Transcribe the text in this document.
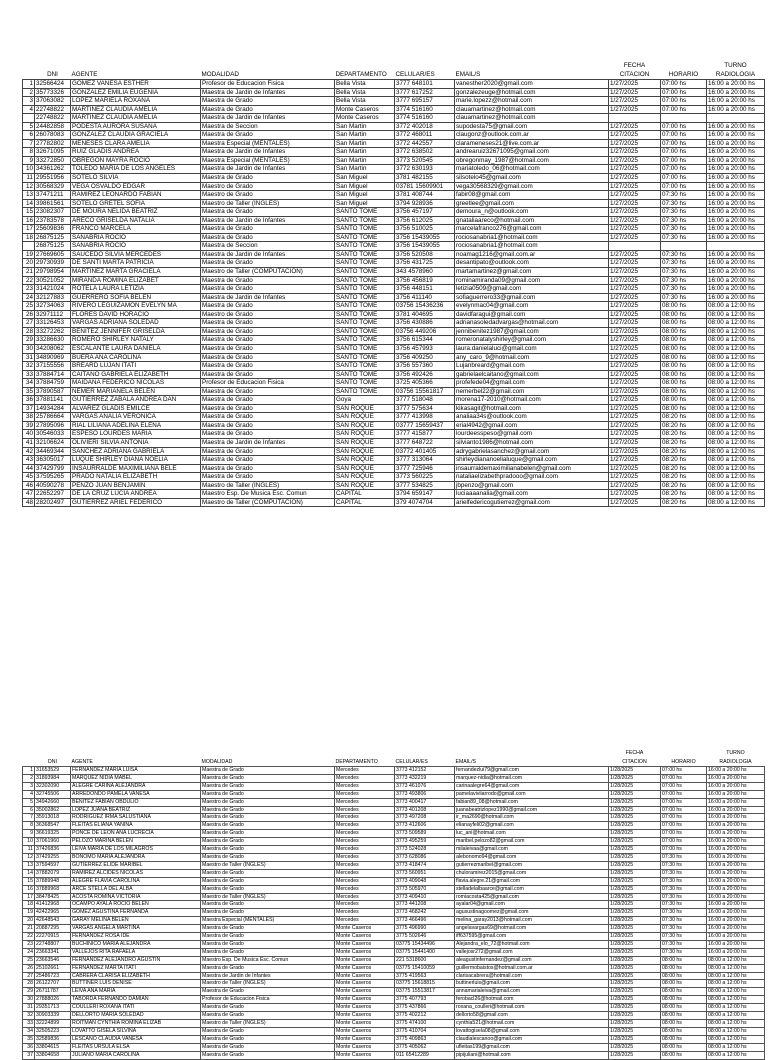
							FECHA		TURNO
	DNI	AGENTE	MODALIDAD	DEPARTAMENTO	CELULAR/ES	EMAIL/S	CITACION	HORARIO	RADIOLOGIA
1	32566424	GOMEZ VANESA ESTHER	Profesor de Educacion Fisica	Bella Vista	3777 648101	vanesther2020@gmail.com	1/27/2025	07:00 hs	16:00 a 20:00 hs
2	35773326	GONZALEZ EMILIA EUGENIA	Maestra de Jardin de Infantes	Bella Vista	3777 617252	gonzalezeuge@hotmail.com	1/27/2025	07:00 hs	16:00 a 20:00 hs
3	37063082	LOPEZ MARIELA ROXANA	Maestra de Grado	Bella Vista	3777 695157	marie.lopezz@hotmail.com	1/27/2025	07:00 hs	16:00 a 20:00 hs
4	22748822	MARTINEZ CLAUDIA AMELIA	Maestra de Grado	Monte Caseros	3774 516160	clauamartinez@hotmail.com	1/27/2025	07:00 hs	16:00 a 20:00 hs
	22748822	MARTINEZ CLAUDIA AMELIA	Maestra de Jardin de Infantes	Monte Caseros	3774 516160	clauamartinez@hotmail.com			
5	24482858	PODESTA AURORA SUSANA	Maestra de Seccion	San Martin	3772 402018	supodesta75@gmail.com	1/27/2025	07:00 hs	16:00 a 20:00 hs
6	26078083	GONZALEZ CLAUDIA GRACIELA	Maestra de Grado	San Martin	3772 468011	claugonz@outlook.com.ar	1/27/2025	07:00 hs	16:00 a 20:00 hs
7	27782802	MENESES CLARA AMELIA	Maestra Especial (MENTALES)	San Martin	3772 442557	clarameneses21@live.com.ar	1/27/2025	07:00 hs	16:00 a 20:00 hs
8	32671095	RUIZ GLADIS ANDREA	Maestra de Jardin de Infantes	San Martin	3772 638502	andrearuiz32671095@gmail.com	1/27/2025	07:00 hs	16:00 a 20:00 hs
9	33272850	OBREGON MAYRA ROCIO	Maestra Especial (MENTALES)	San Martin	3773 520545	obregonmay_1987@hotmail.com	1/27/2025	07:00 hs	16:00 a 20:00 hs
10	34361262	TOLEDO MARIA DE LOS ANGELES	Maestra de Jardin de Infantes	San Martin	3772 630193	mariatoledo_06@hotmail.com	1/27/2025	07:00 hs	16:00 a 20:00 hs
11	29551956	SOTELO SILVIA	Maestra de Grado	San Miguel	3781 482155	silsotelo45@gmail.com	1/27/2025	07:00 hs	16:00 a 20:00 hs
12	30568329	VEGA OSVALDO EDGAR	Maestro de Grado	San Miguel	03781 15609901	vega30568329@gmail.com	1/27/2025	07:00 hs	16:00 a 20:00 hs
13	37471211	RAMIREZ LEONARDO FABIAN	Maestro de Grado	San Miguel	3781 408744	fabir08@gmail.com	1/27/2025	07:30 hs	16:00 a 20:00 hs
14	39861561	SOTELO GRETEL SOFIA	Maestro de Taller (INGLES)	San Miguel	3794 928936	greetlee@gmail.com	1/27/2025	07:30 hs	16:00 a 20:00 hs
15	23082307	DE MOURA NELIDA BEATRIZ	Maestra de Grado	SANTO TOME	3756 457197	demoura_n@outlook.com	1/27/2025	07:30 hs	16:00 a 20:00 hs
16	23783578	ARECO GRISELDA NATALIA	Maestra de Jardin de Infantes	SANTO TOME	3756 612025	gnataliaareco@hotmail.com	1/27/2025	07:30 hs	16:00 a 20:00 hs
17	25609836	FRANCO MARCELA	Maestra de Grado	SANTO TOME	3756 510025	marcelafranco276@gmail.com	1/27/2025	07:30 hs	16:00 a 20:00 hs
18	26875125	SANABRIA ROCIO	Maestra de Grado	SANTO TOME	3756 15439055	rociosanabria1@hotmail.com	1/27/2025	07:30 hs	16:00 a 20:00 hs
	26875125	SANABRIA ROCIO	Maestra de Seccion	SANTO TOME	3756 15439055	rociosanabria1@hotmail.com			
19	27669605	SAUCEDO SILVIA MERCEDES	Maestra de Jardin de Infantes	SANTO TOME	3756 520508	noamag1216@gmail.com.ar	1/27/2025	07:30 hs	16:00 a 20:00 hs
20	29730939	DE SANTI MARTA PATRICIA	Maestra de Grado	SANTO TOME	3756 431725	desantipato@outlook.com	1/27/2025	07:30 hs	16:00 a 20:00 hs
21	29798954	MARTINEZ MARTA GRACIELA	Maestro de Taller (COMPUTACION)	SANTO TOME	343 4578960	martamartinez@gmail.com	1/27/2025	07:30 hs	16:00 a 20:00 hs
22	30521052	MIRANDA ROMINA ELIZABET	Maestra de Grado	SANTO TOME	3756 456819	rominamiranda09@gmail.com	1/27/2025	07:30 hs	16:00 a 20:00 hs
23	31421024	ROTELA LAURA LETIZIA	Maestra de Grado	SANTO TOME	3756 448151	letizia0509@gmail.com	1/27/2025	07:30 hs	16:00 a 20:00 hs
24	32127883	GUERRERO SOFIA BELEN	Maestra de Jardin de Infantes	SANTO TOME	3756 411140	sofiaguerrero33@gmail.com	1/27/2025	07:30 hs	16:00 a 20:00 hs
25	32734063	RIVERO LEGUIZAMON EVELYN MA	Maestra de Grado	SANTO TOME	03756 15436236	evelynmac04@gmail.com	1/27/2025	08:00 hs	08:00 a 12:00 hs
26	32971112	FLORES DAVID HORACIO	Maestro de Grado	SANTO TOME	3781 404695	davidfaragui@gmail.com	1/27/2025	08:00 hs	08:00 a 12:00 hs
27	33126453	VARGAS ADRIANA SOLEDAD	Maestra de Grado	SANTO TOME	3756 430886	adrianasoledadvargas@hotmail.com	1/27/2025	08:00 hs	08:00 a 12:00 hs
28	33272262	BENITEZ JENNIFER GRISELDA	Maestra de Grado	SANTO TOME	03756 449206	jennibenitez1987@gmail.com	1/27/2025	08:00 hs	08:00 a 12:00 hs
29	33286630	ROMERO SHIRLEY NATALY	Maestra de Grado	SANTO TOME	3756 615344	romeronatalyshirley@gmail.com	1/27/2025	08:00 hs	08:00 a 12:00 hs
30	34208062	ESCALANTE LAURA DANIELA	Maestra de Grado	SANTO TOME	3756 457993	laura.danielaluci@gmail.com	1/27/2025	08:00 hs	08:00 a 12:00 hs
31	34890969	BUERA ANA CAROLINA	Maestra de Grado	SANTO TOME	3756 409250	any_caro_9@hotmail.com	1/27/2025	08:00 hs	08:00 a 12:00 hs
32	37155556	BREARD LUJAN ITATI	Maestra de Grado	SANTO TOME	3756 557360	Lujanbreard@gmail.com	1/27/2025	08:00 hs	08:00 a 12:00 hs
33	37884714	CAITANO GABRIELA ELIZABETH	Maestra de Grado	SANTO TOME	3756 492426	gabrielaelcaitano@gmail.com	1/27/2025	08:00 hs	08:00 a 12:00 hs
34	37884759	MAIDANA FEDERICO NICOLAS	Profesor de Educacion Fisica	SANTO TOME	3725 405366	profefede04@gmail.com	1/27/2025	08:00 hs	08:00 a 12:00 hs
35	37890587	NEMER MARIANELA BELEN	Maestra de Grado	SANTO TOME	03756 15561817	nemerbel22@gmail.com	1/27/2025	08:00 hs	08:00 a 12:00 hs
36	37881141	GUTIERREZ ZABALA ANDREA DAN	Maestra de Grado	Goya	3777 518048	morena17-2010@hotmail.com	1/27/2025	08:00 hs	08:00 a 12:00 hs
37	14934284	ALVAREZ GLADIS EMILCE	Maestra de Grado	SAN ROQUE	3777 575634	kikasagit@hotmail.com	1/27/2025	08:00 hs	08:00 a 12:00 hs
38	25786664	VARGAS ANALIA VERONICA	Maestra de Grado	SAN ROQUE	3777 413998	analiaa34s@outlook.com	1/27/2025	08:20 hs	08:00 a 12:00 hs
39	27895096	RIAL LILIANA ADELINA ELENA	Maestra de Grado	SAN ROQUE	03777 15659437	erial4942@gmail.com	1/27/2025	08:20 hs	08:00 a 12:00 hs
40	30546033	ESPESO LOURDES MARIA	Maestra de Grado	SAN ROQUE	3777 415877	lourdeesspeso@gmail.com	1/27/2025	08:20 hs	08:00 a 12:00 hs
41	32106624	OLIVIERI SILVIA ANTONIA	Maestra de Jardin de Infantes	SAN ROQUE	3777 648722	silvianto1986@hotmail.com	1/27/2025	08:20 hs	08:00 a 12:00 hs
42	34469344	SANCHEZ ADRIANA GABRIELA	Maestra de Grado	SAN ROQUE	03772 401405	adrygabrielasanchez@gmail.com	1/27/2025	08:20 hs	08:00 a 12:00 hs
43	36305017	LUQUE SHIRLEY DIANA NOELIA	Maestra de Grado	SAN ROQUE	3777 313064	shirleydiananoelialuque@gmail.com	1/27/2025	08:20 hs	08:00 a 12:00 hs
44	37429799	INSAURRALDE MAXIMILIANA BELE	Maestra de Grado	SAN ROQUE	3777 725946	insaurraldemaximilianabelen@gmail.com	1/27/2025	08:20 hs	08:00 a 12:00 hs
45	37595265	PRADO NATALIA ELIZABETH	Maestra de Grado	SAN ROQUE	3773 560225	nataliaelizabethpradooo@gmail.com	1/27/2025	08:20 hs	08:00 a 12:00 hs
46	40590278	PENZO JUAN BENJAMIN	Maestro de Taller (INGLES)	SAN ROQUE	3777 534825	jbpenzo@gmail.com	1/27/2025	08:20 hs	08:00 a 12:00 hs
47	22652297	DE LA CRUZ LUCIA ANDREA	Maestro Esp. De Musica Esc. Comun	CAPITAL	3794 659147	luciaaaanalia@gmail.com	1/27/2025	08:20 hs	08:00 a 12:00 hs
48	28202497	GUTIERREZ ARIEL FEDERICO	Maestro de Taller (COMPUTACION)	CAPITAL	379 4074704	arielfedericogutierrez@gmail.com	1/27/2025	08:20 hs	08:00 a 12:00 hs
							FECHA		TURNO
	DNI	AGENTE	MODALIDAD	DEPARTAMENTO	CELULAR/ES	EMAIL/S	CITACION	HORARIO	RADIOLOGIA
1	31653529	FERNANDEZ MARIA LUISA	Maestra de Grado	Mercedes	3773 412152	fernandezlui79@gmail.com	1/28/2025	07:00 hs	16:00 a 20:00 hs
2	31893984	MARQUEZ NIDIA MABEL	Maestra de Grado	Mercedes	3773 432219	marquez-nidia@hotmail.com	1/28/2025	07:00 hs	16:00 a 20:00 hs
3	32302090	ALEGRE CARINA ALEJANDRA	Maestra de Grado	Mercedes	3773 461076	carinaalegre64@gmail.com	1/28/2025	07:00 hs	16:00 a 20:00 hs
4	32745506	ARREDONDO PAMELA VANESA	Maestra de Grado	Mercedes	3773 493806	pamelaviviiarrodo@gmail.com	1/28/2025	07:00 hs	16:00 a 20:00 hs
5	34942660	BENITEZ FABIAN OBDULIO	Maestro de Grado	Mercedes	3773 400417	fabian89_08@hotmail.com	1/28/2025	07:00 hs	16:00 a 20:00 hs
6	35002862	LOPEZ JUANA BEATRIZ	Maestra de Grado	Mercedes	3773 401208	juanabeatrizlopez1990@gmail.com	1/28/2025	07:00 hs	16:00 a 20:00 hs
7	35913018	RODRIGUEZ IRMA SALUSTIANA	Maestra de Grado	Mercedes	3773 497208	ir_ma2690@hotmail.com	1/28/2025	07:00 hs	16:00 a 20:00 hs
8	36368547	FLEITAS ELIANA YANINA	Maestra de Grado	Mercedes	3773 412606	elianayfeli02@gmail.com	1/28/2025	07:00 hs	16:00 a 20:00 hs
9	36619325	PONCE DE LEON ANA LUCRECIA	Maestra de Grado	Mercedes	3773 509589	luc_ani@hotmail.com	1/28/2025	07:00 hs	16:00 a 20:00 hs
10	37061960	PELOZO MARINA BELEN	Maestra de Grado	Mercedes	3773 495259	maribel.pelozo82@gmail.com	1/28/2025	07:00 hs	16:00 a 20:00 hs
11	37426836	LEIVA MARIA DE LOS MILAGROS	Maestra de Grado	Mercedes	3773 524028	milaleivaa@gmail.com	1/28/2025	07:00 hs	16:00 a 20:00 hs
12	37429255	BONOMO MARIA ALEJANDRA	Maestra de Grado	Mercedes	3773 628086	alebonomo94@gmail.com	1/28/2025	07:30 hs	16:00 a 20:00 hs
13	37594597	GUTIERREZ ELIDE MARIBEL	Maestro de Taller (INGLES)	Mercedes	3773 418474	gutierrezmaribel@gmail.com	1/28/2025	07:30 hs	16:00 a 20:00 hs
14	37882079	RAMIREZ ALCIDES NICOLAS	Maestro de Grado	Mercedes	3773 560951	chuloramirez2015@gmail.com	1/28/2025	07:30 hs	16:00 a 20:00 hs
15	37889948	ALEGRE FLAVIA CAROLINA	Maestra de Grado	Mercedes	3773 409048	flavia.alegre.21@gmail.com	1/28/2025	07:30 hs	16:00 a 20:00 hs
16	37889968	ARCE STELLA DEL ALBA	Maestra de Grado	Mercedes	3773 505970	stelladelalbaarce@gmail.com	1/28/2025	07:30 hs	16:00 a 20:00 hs
17	38478425	ACOSTA ROMINA VICTORIA	Maestro de Taller (INGLES)	Mercedes	3773 409410	romiacosta425@gmail.com	1/28/2025	07:30 hs	16:00 a 20:00 hs
18	41412968	OCAMPO AYALA ROCIO BELEN	Maestra de Grado	Mercedes	3773 441208	ayalar04@gmail.com	1/28/2025	07:30 hs	16:00 a 20:00 hs
19	42422965	GOMEZ AGUSTINA FERNANDA	Maestra de Grado	Mercedes	3773 468242	agusustinagoomez@gmail.com	1/28/2025	07:30 hs	16:00 a 20:00 hs
20	42648543	GARAY MELINA BELEN	Maestra Especial (MENTALES)	Mercedes	3773 466496	melina_garay2013@hotmail.com	1/28/2025	07:30 hs	16:00 a 20:00 hs
21	20887295	VARGAS ANGELA MARTINA	Maestra de Grado	Monte Caseros	3775 496990	angelavargas69@hotmail.com	1/28/2025	07:30 hs	16:00 a 20:00 hs
22	22270915	FERNANDEZ ROSA IDE	Maestra de Grado	Monte Caseros	3775 502646	iff637595@gmail.com	1/28/2025	07:30 hs	16:00 a 20:00 hs
23	22748807	BUCHINICO MARIA ALEJANDRA	Maestra de Grado	Monte Caseros	03775 15434496	Alejandra_elo_72@hotmail.com	1/28/2025	07:30 hs	16:00 a 20:00 hs
24	23663341	VALLEJOS RITA RAFAELA	Maestra de Grado	Monte Caseros	03775 15441400	vallejosr272@gmail.com	1/28/2025	07:30 hs	16:00 a 20:00 hs
25	23663546	FERNANDEZ ALEJANDRO AGUSTIN	Maestro Esp. De Musica Esc. Comun	Monte Caseros	221 5318600	aleagustinfernandez@gmail.com	1/28/2025	08:00 hs	08:00 a 12:00 hs
26	25102661	FERNANDEZ MARTA ITATI	Maestra de Grado	Monte Caseros	03775 15410059	guillermobaistos@hotmail.com.ar	1/28/2025	08:00 hs	08:00 a 12:00 hs
27	25486723	CABRERA CLARISA ELIZABETH	Maestra de Jardin de Infantes	Monte Caseros	3775 419563	clarisacabrera@hotmail.com	1/28/2025	08:00 hs	08:00 a 12:00 hs
28	26122707	BUTTINER LUIS DENISE	Maestro de Taller (INGLES)	Monte Caseros	03775 15618815	buttinerluis@gmail.com	1/28/2025	08:00 hs	08:00 a 12:00 hs
29	26711787	LEIVA ANA MARIA	Maestra de Grado	Monte Caseros	03775 15513817	annamarialeiva@gmail.com	1/28/2025	08:00 hs	08:00 a 12:00 hs
30	27888026	TABORDA FERNANDO DAMIAN	Profesor de Educacion Fisica	Monte Caseros	3775 407793	ferobacl26@hotmail.com	1/28/2025	08:00 hs	08:00 a 12:00 hs
31	29351713	COULLERI ROXANA ITATI	Maestra de Grado	Monte Caseros	3775 437866	roxana_coulleri@hotmail.com	1/28/2025	08:00 hs	08:00 a 12:00 hs
32	30903339	DELLORTO MARIA SOLEDAD	Maestra de Grado	Monte Caseros	3775 402212	dellorto58@gmail.com	1/28/2025	08:00 hs	08:00 a 12:00 hs
33	32224899	ROITMAN CYNTHIA ROMINA ELIZAB	Maestro de Taller (INGLES)	Monte Caseros	3775 474100	cynthia521@hotmail.com	1/28/2025	08:00 hs	08:00 a 12:00 hs
34	32505223	LOVATTO GISELA SILVINA	Maestra de Grado	Monte Caseros	3775 410704	lovattogisela08@gmail.com	1/28/2025	08:00 hs	08:00 a 12:00 hs
35	32589836	LESCANO CLAUDIA VANESA	Maestra de Grado	Monte Caseros	3775 409863	claudialescanoo@gmail.com	1/28/2025	08:00 hs	08:00 a 12:00 hs
36	33804615	FLEITAS URSULA ELSA	Maestra de Grado	Monte Caseros	3775 405062	ufleitas199@gmail.com	1/28/2025	08:00 hs	08:00 a 12:00 hs
37	33804658	JULIANO MARIA CAROLINA	Maestra de Grado	Monte Caseros	011 65412289	pipijuliani@hotmail.com	1/28/2025	08:00 hs	08:00 a 12:00 hs
